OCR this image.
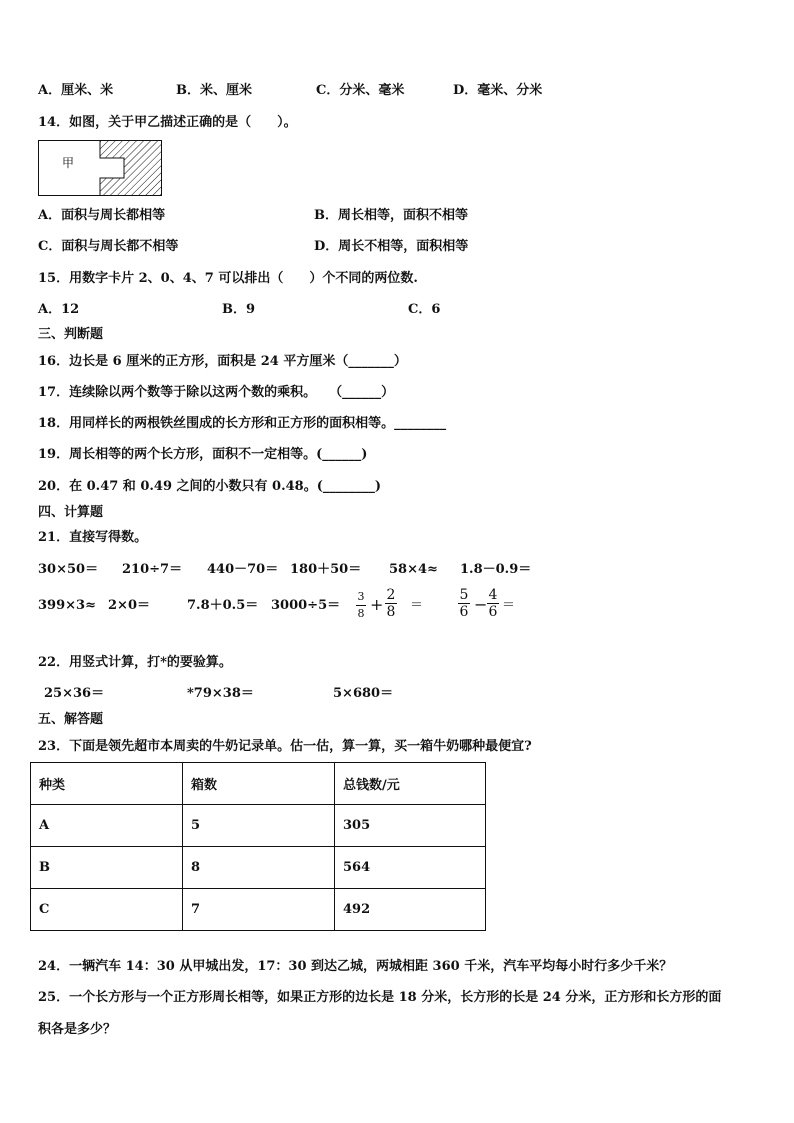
A．厘米、米	B．米、厘米	C．分米、毫米	D．毫米、分米
14．如图，关于甲乙描述正确的是（　　）。
甲
A．面积与周长都相等	B．周长相等，面积不相等
C．面积与周长都不相等	D．周长不相等，面积相等
15．用数字卡片 2、0、4、7 可以排出（　　）个不同的两位数.
A．12	B．9	C．6
三、判断题
16．边长是 6 厘米的正方形，面积是 24 平方厘米（_______）
17．连续除以两个数等于除以这两个数的乘积。　　（______）
18．用同样长的两根铁丝围成的长方形和正方形的面积相等。________
19．周长相等的两个长方形，面积不一定相等。(______)
20．在 0.47 和 0.49 之间的小数只有 0.48。(________)
四、计算题
21．直接写得数。
30×50＝ 210÷7＝ 440－70＝ 180＋50＝ 58×4≈ 1.8－0.9＝
399×3≈ 2×0＝	7.8＋0.5＝ 3000÷5＝
3
8 + 2
8 ＝
5
6 − 4
6 ＝
22．用竖式计算，打*的要验算。
25×36＝	*79×38＝	5×680＝
五、解答题
23．下面是领先超市本周卖的牛奶记录单。估一估，算一算，买一箱牛奶哪种最便宜?
种类	箱数	总钱数/元
A	5	305
B	8	564
C	7	492
24．一辆汽车 14：30 从甲城出发，17：30 到达乙城，两城相距 360 千米，汽车平均每小时行多少千米？
25．一个长方形与一个正方形周长相等，如果正方形的边长是 18 分米，长方形的长是 24 分米，正方形和长方形的面
积各是多少？
